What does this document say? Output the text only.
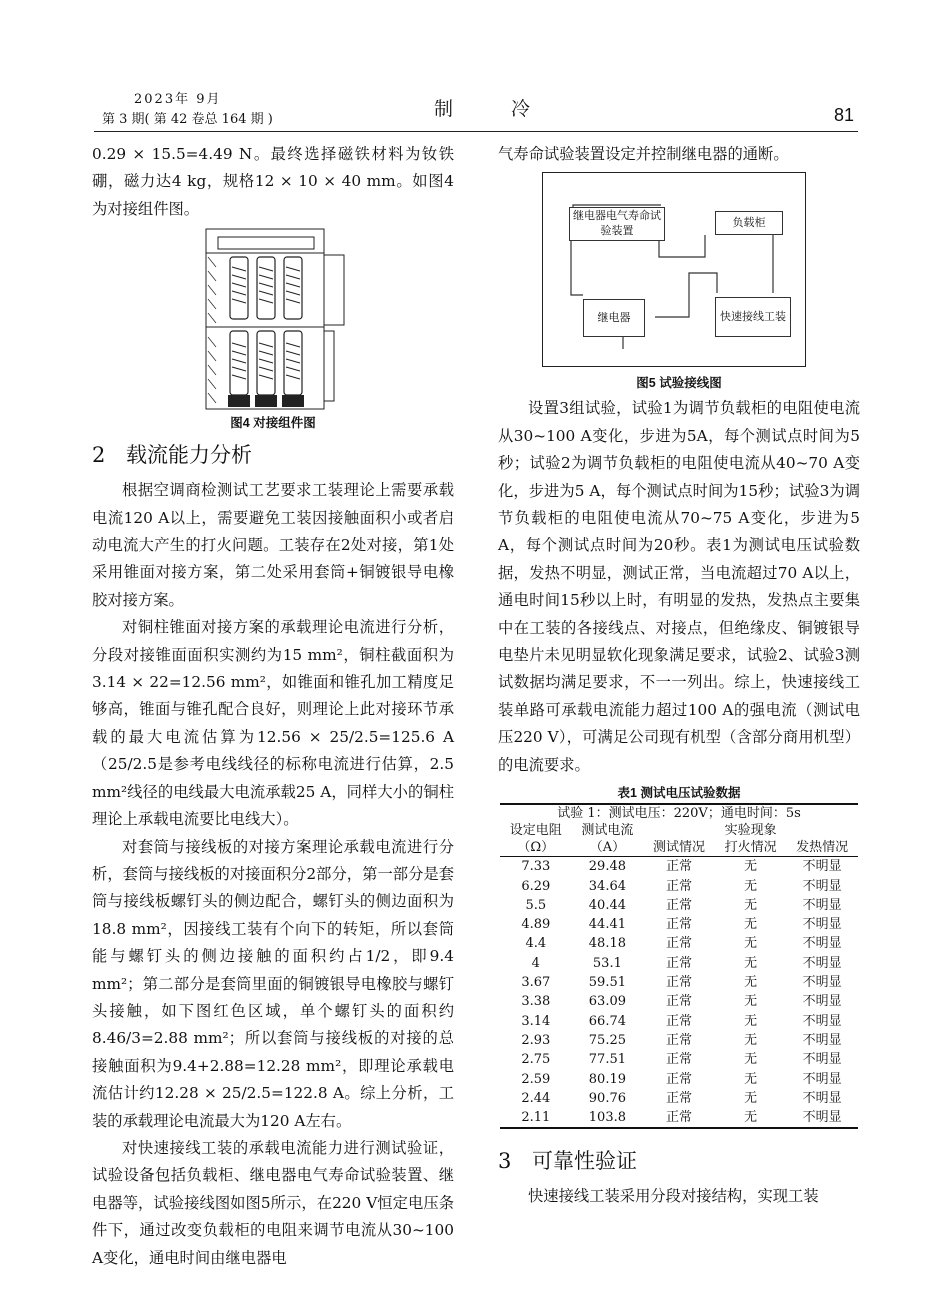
2023年 9月
第 3 期( 第 42 卷总 164 期 )	制 冷	81

0.29 × 15.5=4.49 N。最终选择磁铁材料为钕铁硼，磁力达4 kg，规格12 × 10 × 40 mm。如图4为对接组件图。

图4 对接组件图
2 载流能力分析

根据空调商检测试工艺要求工装理论上需要承载电流120 A以上，需要避免工装因接触面积小或者启动电流大产生的打火问题。工装存在2处对接，第1处采用锥面对接方案，第二处采用套筒+铜镀银导电橡胶对接方案。

对铜柱锥面对接方案的承载理论电流进行分析，分段对接锥面面积实测约为15 mm²，铜柱截面积为3.14 × 22=12.56 mm²，如锥面和锥孔加工精度足够高，锥面与锥孔配合良好，则理论上此对接环节承载的最大电流估算为12.56 × 25/2.5=125.6 A（25/2.5是参考电线线径的标称电流进行估算，2.5 mm²线径的电线最大电流承载25 A，同样大小的铜柱理论上承载电流要比电线大）。

对套筒与接线板的对接方案理论承载电流进行分析，套筒与接线板的对接面积分2部分，第一部分是套筒与接线板螺钉头的侧边配合，螺钉头的侧边面积为18.8 mm²，因接线工装有个向下的转矩，所以套筒能与螺钉头的侧边接触的面积约占1/2，即9.4 mm²；第二部分是套筒里面的铜镀银导电橡胶与螺钉头接触，如下图红色区域，单个螺钉头的面积约8.46/3=2.88 mm²；所以套筒与接线板的对接的总接触面积为9.4+2.88=12.28 mm²，即理论承载电流估计约12.28 × 25/2.5=122.8 A。综上分析，工装的承载理论电流最大为120 A左右。

对快速接线工装的承载电流能力进行测试验证，试验设备包括负载柜、继电器电气寿命试验装置、继电器等，试验接线图如图5所示，在220 V恒定电压条件下，通过改变负载柜的电阻来调节电流从30~100 A变化，通电时间由继电器电

气寿命试验装置设定并控制继电器的通断。

继电器电气寿命试验装置
负载柜
继电器	快速接线工装
图5 试验接线图

设置3组试验，试验1为调节负载柜的电阻使电流从30~100 A变化，步进为5A，每个测试点时间为5秒；试验2为调节负载柜的电阻使电流从40~70 A变化，步进为5 A，每个测试点时间为15秒；试验3为调节负载柜的电阻使电流从70~75 A变化，步进为5 A，每个测试点时间为20秒。表1为测试电压试验数据，发热不明显，测试正常，当电流超过70 A以上，通电时间15秒以上时，有明显的发热，发热点主要集中在工装的各接线点、对接点，但绝缘皮、铜镀银导电垫片未见明显软化现象满足要求，试验2、试验3测试数据均满足要求，不一一列出。综上，快速接线工装单路可承载电流能力超过100 A的强电流（测试电压220 V），可满足公司现有机型（含部分商用机型）的电流要求。

表1 测试电压试验数据
试验 1：测试电压：220V；通电时间：5s				
设定电阻	测试电流		实验现象	
（Ω）	（A）	测试情况	打火情况	发热情况
7.33	29.48	正常	无	不明显
6.29	34.64	正常	无	不明显
5.5	40.44	正常	无	不明显
4.89	44.41	正常	无	不明显
4.4	48.18	正常	无	不明显
4	53.1	正常	无	不明显
3.67	59.51	正常	无	不明显
3.38	63.09	正常	无	不明显
3.14	66.74	正常	无	不明显
2.93	75.25	正常	无	不明显
2.75	77.51	正常	无	不明显
2.59	80.19	正常	无	不明显
2.44	90.76	正常	无	不明显
2.11	103.8	正常	无	不明显
3 可靠性验证

快速接线工装采用分段对接结构，实现工装
